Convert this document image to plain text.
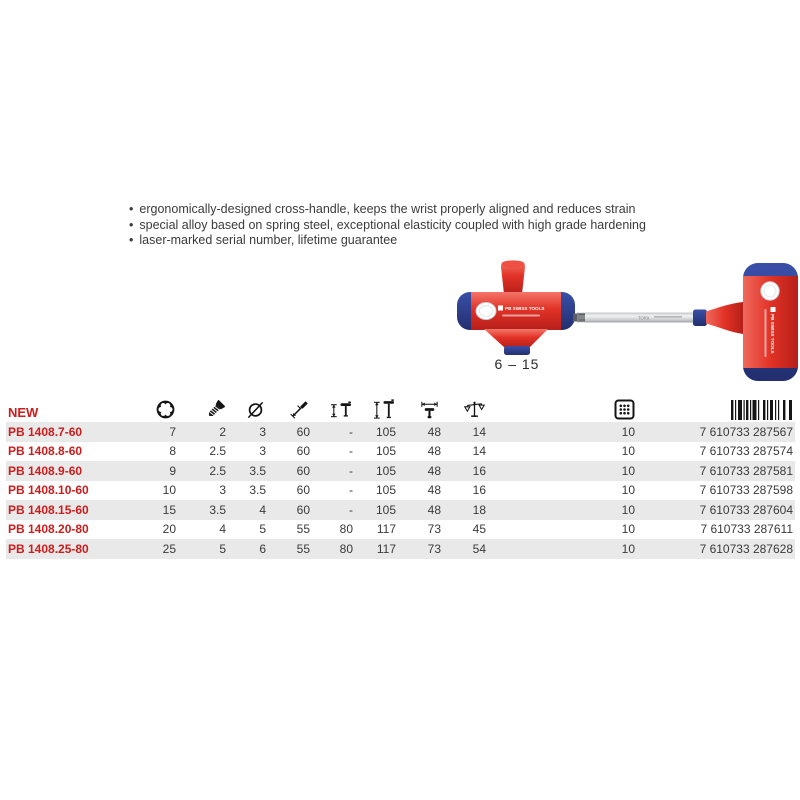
• ergonomically-designed cross-handle, keeps the wrist properly aligned and reduces strain
• special alloy based on spring steel, exceptional elasticity coupled with high grade hardening
• laser-marked serial number, lifetime guarantee
PB SWISS TOOLS
6 – 15
TORX	PB SWISS TOOLS
NEW										
PB 1408.7-60	7	2	3	60	-	105	48	14	10	7 610733 287567
PB 1408.8-60	8	2.5	3	60	-	105	48	14	10	7 610733 287574
PB 1408.9-60	9	2.5	3.5	60	-	105	48	16	10	7 610733 287581
PB 1408.10-60	10	3	3.5	60	-	105	48	16	10	7 610733 287598
PB 1408.15-60	15	3.5	4	60	-	105	48	18	10	7 610733 287604
PB 1408.20-80	20	4	5	55	80	117	73	45	10	7 610733 287611
PB 1408.25-80	25	5	6	55	80	117	73	54	10	7 610733 287628
